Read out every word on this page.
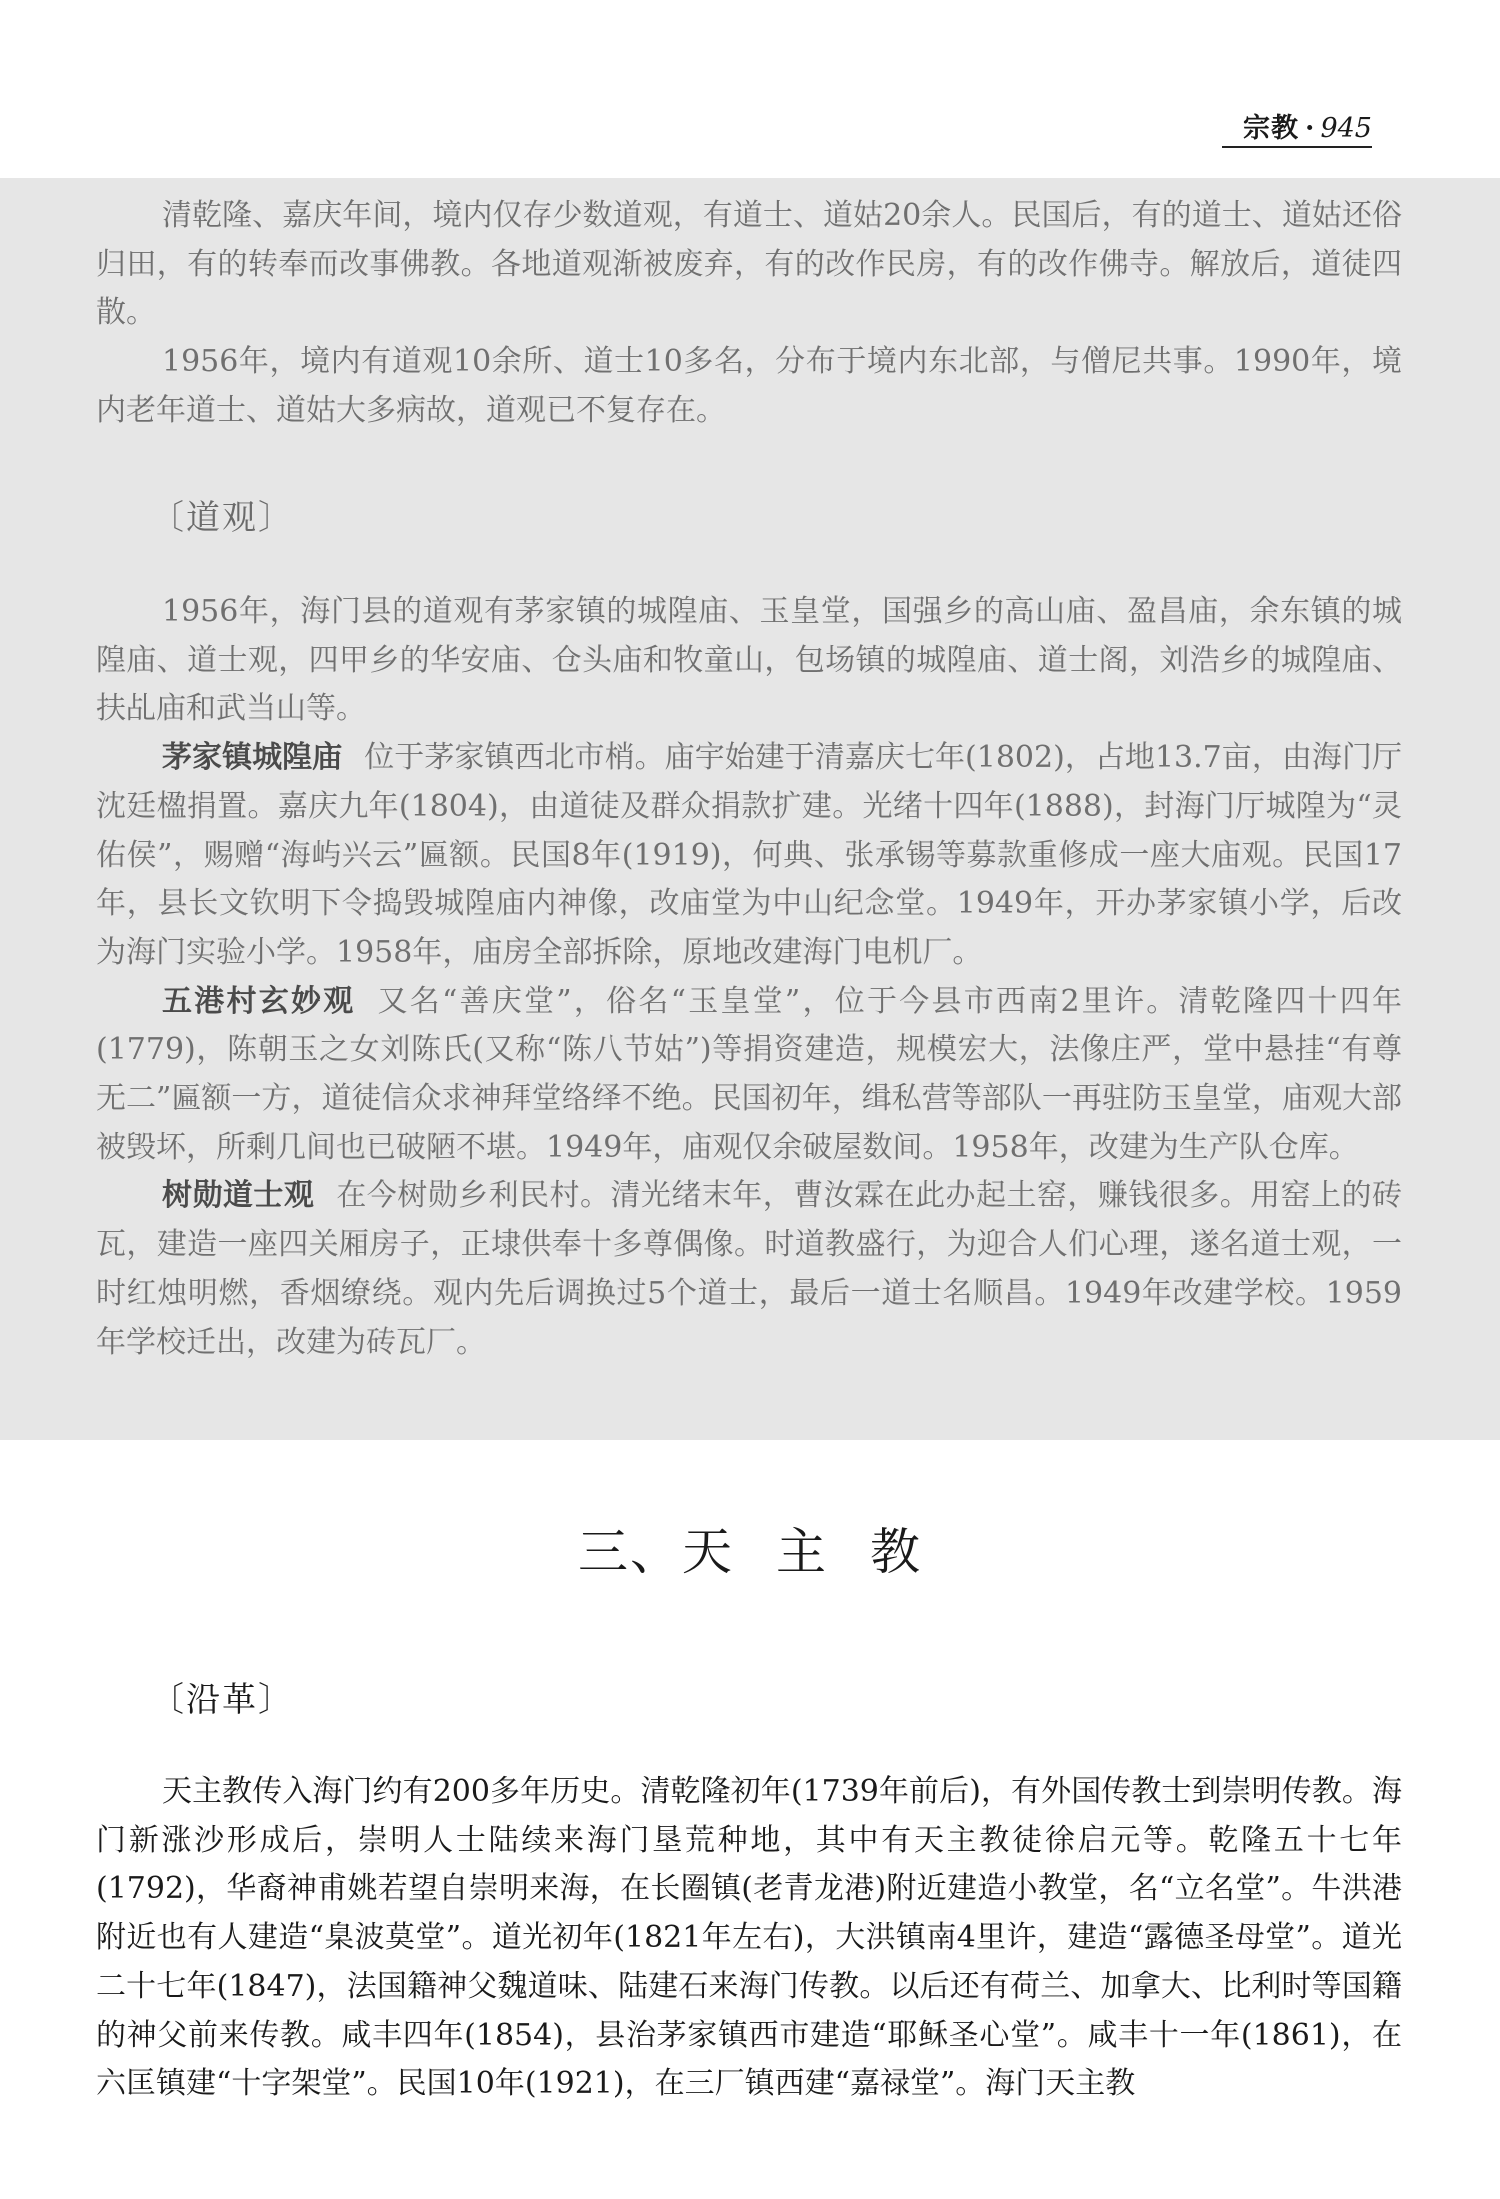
宗教 · 945

清乾隆、嘉庆年间，境内仅存少数道观，有道士、道姑20余人。民国后，有的道士、道姑还俗归田，有的转奉而改事佛教。各地道观渐被废弃，有的改作民房，有的改作佛寺。解放后，道徒四散。

1956年，境内有道观10余所、道士10多名，分布于境内东北部，与僧尼共事。1990年，境内老年道士、道姑大多病故，道观已不复存在。

〔道观〕

1956年，海门县的道观有茅家镇的城隍庙、玉皇堂，国强乡的高山庙、盈昌庙，余东镇的城隍庙、道士观，四甲乡的华安庙、仓头庙和牧童山，包场镇的城隍庙、道士阁，刘浩乡的城隍庙、扶乩庙和武当山等。

茅家镇城隍庙 位于茅家镇西北市梢。庙宇始建于清嘉庆七年(1802)，占地13.7亩，由海门厅沈廷楹捐置。嘉庆九年(1804)，由道徒及群众捐款扩建。光绪十四年(1888)，封海门厅城隍为“灵佑侯”，赐赠“海屿兴云”匾额。民国8年(1919)，何典、张承锡等募款重修成一座大庙观。民国17年，县长文钦明下令捣毁城隍庙内神像，改庙堂为中山纪念堂。1949年，开办茅家镇小学，后改为海门实验小学。1958年，庙房全部拆除，原地改建海门电机厂。

五港村玄妙观 又名“善庆堂”，俗名“玉皇堂”，位于今县市西南2里许。清乾隆四十四年(1779)，陈朝玉之女刘陈氏(又称“陈八节姑”)等捐资建造，规模宏大，法像庄严，堂中悬挂“有尊无二”匾额一方，道徒信众求神拜堂络绎不绝。民国初年，缉私营等部队一再驻防玉皇堂，庙观大部被毁坏，所剩几间也已破陋不堪。1949年，庙观仅余破屋数间。1958年，改建为生产队仓库。

树勋道士观 在今树勋乡利民村。清光绪末年，曹汝霖在此办起土窑，赚钱很多。用窑上的砖瓦，建造一座四关厢房子，正埭供奉十多尊偶像。时道教盛行，为迎合人们心理，遂名道士观，一时红烛明燃，香烟缭绕。观内先后调换过5个道士，最后一道士名顺昌。1949年改建学校。1959年学校迁出，改建为砖瓦厂。

三、天 主 教
〔沿革〕

天主教传入海门约有200多年历史。清乾隆初年(1739年前后)，有外国传教士到崇明传教。海门新涨沙形成后，崇明人士陆续来海门垦荒种地，其中有天主教徒徐启元等。乾隆五十七年(1792)，华裔神甫姚若望自崇明来海，在长圈镇(老青龙港)附近建造小教堂，名“立名堂”。牛洪港附近也有人建造“臬波莫堂”。道光初年(1821年左右)，大洪镇南4里许，建造“露德圣母堂”。道光二十七年(1847)，法国籍神父魏道味、陆建石来海门传教。以后还有荷兰、加拿大、比利时等国籍的神父前来传教。咸丰四年(1854)，县治茅家镇西市建造“耶稣圣心堂”。咸丰十一年(1861)，在六匡镇建“十字架堂”。民国10年(1921)，在三厂镇西建“嘉禄堂”。海门天主教
